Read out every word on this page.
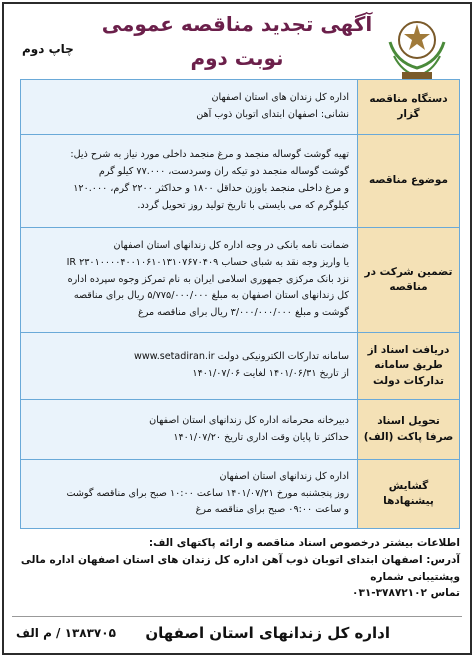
آگهی تجدید مناقصه عمومی
نوبت دوم
چاپ دوم
دستگاه مناقصه گزار

اداره کل زندان های استان اصفهان

نشانی: اصفهان ابتدای اتوبان ذوب آهن

موضوع مناقصه

تهیه گوشت گوساله منجمد و مرغ منجمد داخلی مورد نیاز به شرح ذیل:

گوشت گوساله منجمد دو تیکه ران وسردست، ۷۷.۰۰۰ کیلو گرم

و مرغ داخلی منجمد باوزن حداقل ۱۸۰۰ و حداکثر ۲۲۰۰ گرم، ۱۲۰.۰۰۰

کیلوگرم که می بایستی با تاریخ تولید روز تحویل گردد.

تضمین شرکت در مناقصه

ضمانت نامه بانکی در وجه اداره کل زندانهای استان اصفهان

یا واریز وجه نقد به شبای حساب IR ۲۳۰۱۰۰۰۰۴۰۰۱۰۶۱۰۱۳۱۰۷۶۷۰۴۰۹

نزد بانک مرکزی جمهوری اسلامی ایران به نام تمرکز وجوه سپرده اداره

کل زندانهای استان اصفهان به مبلغ ۵/۷۷۵/۰۰۰/۰۰۰ ریال برای مناقصه

گوشت و مبلغ ۳/۰۰۰/۰۰۰/۰۰۰ ریال برای مناقصه مرغ

دریافت اسناد از طریق سامانه تدارکات دولت

سامانه تدارکات الکترونیکی دولت www.setadiran.ir

از تاریخ ۱۴۰۱/۰۶/۳۱ لغایت ۱۴۰۱/۰۷/۰۶

تحویل اسناد صرفا پاکت (الف)

دبیرخانه محرمانه اداره کل زندانهای استان اصفهان

حداکثر تا پایان وقت اداری تاریخ ۱۴۰۱/۰۷/۲۰

گشایش پیشنهادها

اداره کل زندانهای استان اصفهان

روز پنجشنبه مورخ ۱۴۰۱/۰۷/۲۱ ساعت ۱۰:۰۰ صبح برای مناقصه گوشت

و ساعت ۰۹:۰۰ صبح برای مناقصه مرغ

اطلاعات بیشتر درخصوص اسناد مناقصه و ارائه پاکتهای الف:
آدرس: اصفهان ابتدای اتوبان ذوب آهن اداره کل زندان های استان اصفهان اداره مالی وپشتیبانی شماره
تماس ۳۷۸۷۲۱۰۲-۰۳۱
اداره کل زندانهای استان اصفهان
۱۳۸۳۷۰۵ / م الف
